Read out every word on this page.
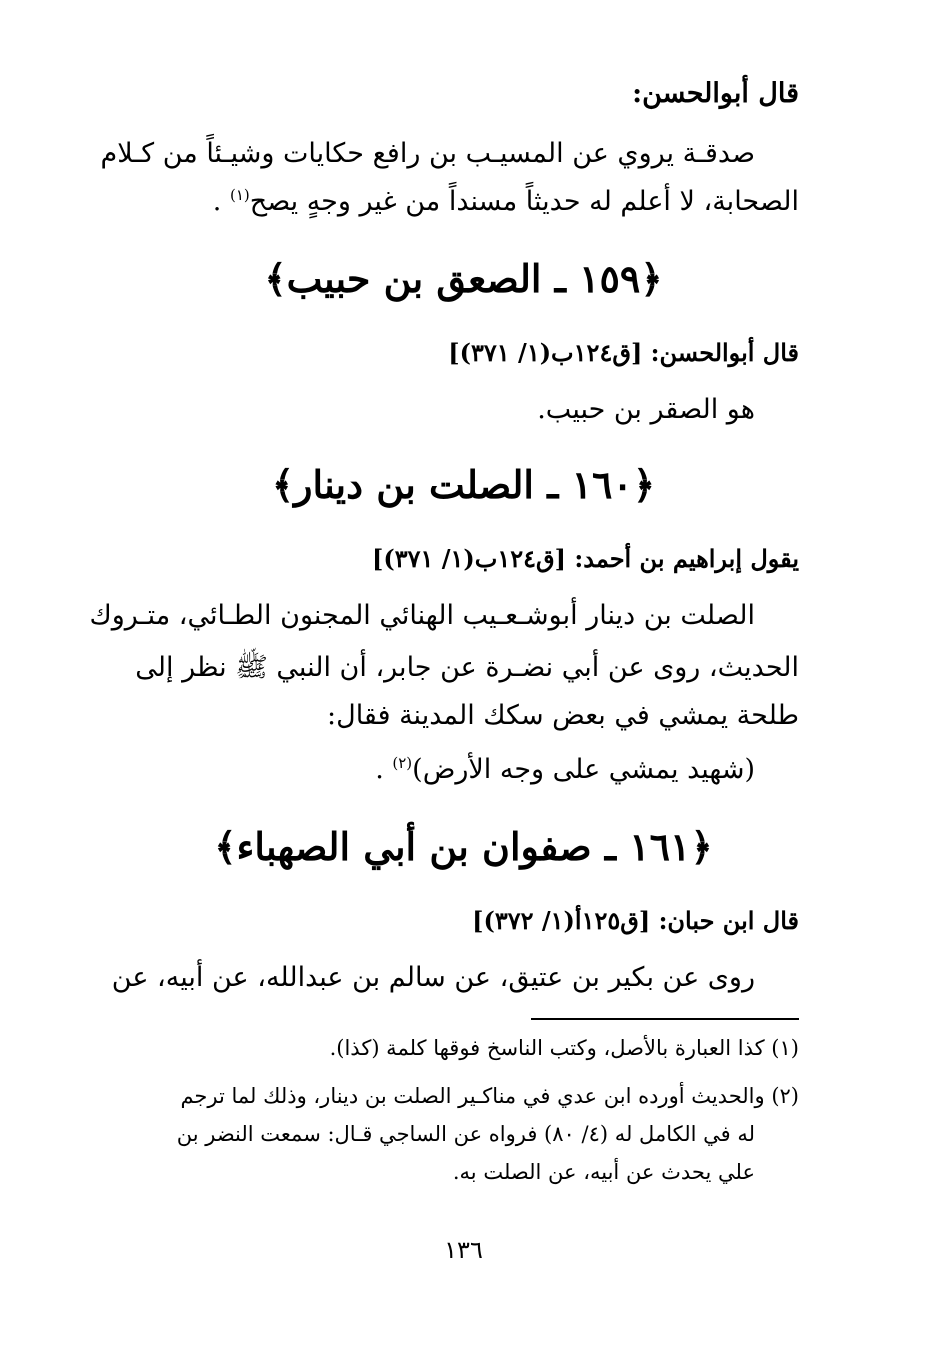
قال أبوالحسن:
صدقـة يروي عن المسيـب بن رافع حكايات وشيـئاً من كـلام
الصحابة، لا أعلم له حديثاً مسنداً من غير وجهٍ يصح$^{(١)}$ .
﴿١٥٩ ـ الصعق بن حبيب﴾
قال أبوالحسن: [ق١٢٤ب(١/ ٣٧١)]
هو الصقر بن حبيب.
﴿١٦٠ ـ الصلت بن دينار﴾
يقول إبراهيم بن أحمد: [ق١٢٤ب(١/ ٣٧١)]
الصلت بن دينار أبوشـعـيب الهنائي المجنون الطـائي، متـروك
الحديث، روى عن أبي نضـرة عن جابر، أن النبي ﷺ نظر إلى
طلحة يمشي في بعض سكك المدينة فقال:
(شهيد يمشي على وجه الأرض)$^{(٢)}$ .
﴿١٦١ ـ صفوان بن أبي الصهباء﴾
قال ابن حبان: [ق١٢٥أ(١/ ٣٧٢)]
روى عن بكير بن عتيق، عن سالم بن عبدالله، عن أبيه، عن
(١) كذا العبارة بالأصل، وكتب الناسخ فوقها كلمة (كذا).
(٢) والحديث أورده ابن عدي في مناكـير الصلت بن دينار، وذلك لما ترجم
له في الكامل له (٤/ ٨٠) فرواه عن الساجي قـال: سمعت النضر بن
علي يحدث عن أبيه، عن الصلت به.
١٣٦
